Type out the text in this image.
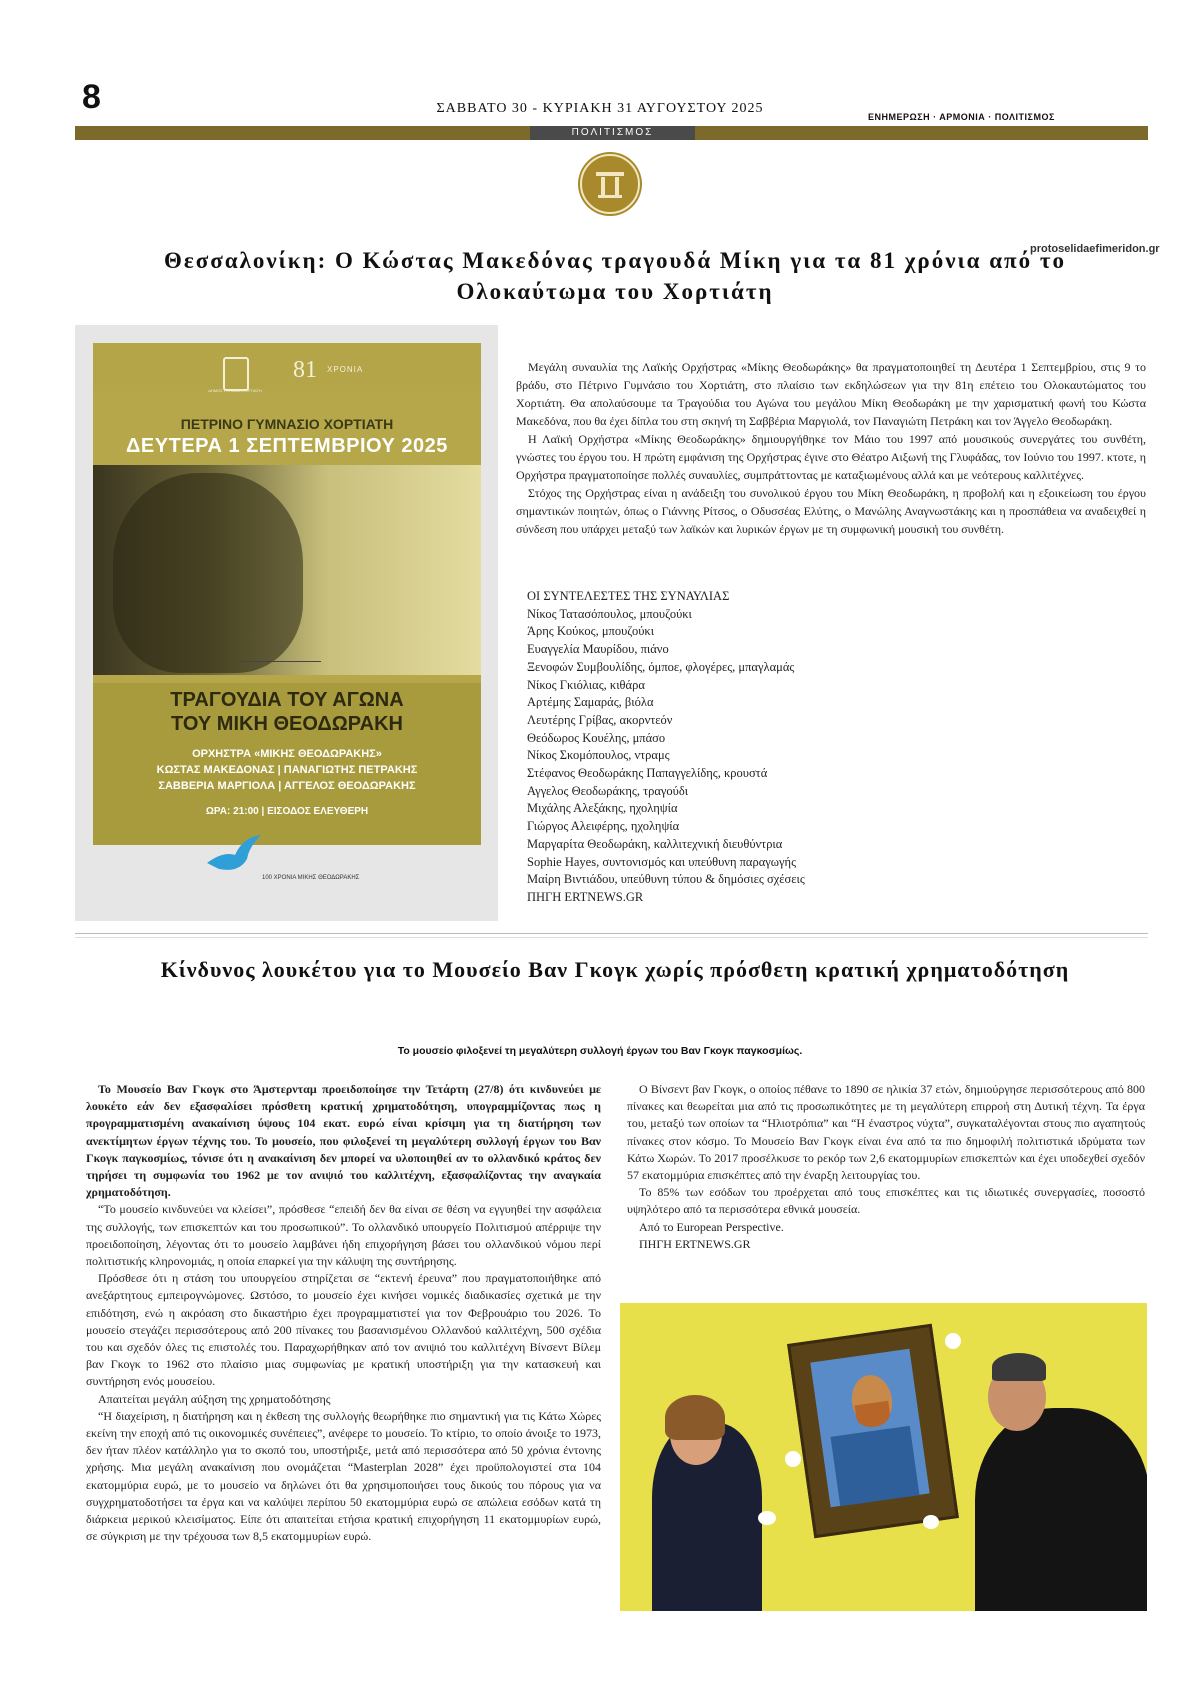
8	ΣΑΒΒΑΤΟ 30 - ΚΥΡΙΑΚΗ 31 ΑΥΓΟΥΣΤΟΥ 2025
ΕΝΗΜΕΡΩΣΗ · ΑΡΜΟΝΙΑ · ΠΟΛΙΤΙΣΜΟΣ
ΠΟΛΙΤΙΣΜΟΣ
protoselidaefimeridon.gr
Θεσσαλονίκη: Ο Κώστας Μακεδόνας τραγουδά Μίκη για τα 81 χρόνια από το Ολοκαύτωμα του Χορτιάτη
ΔΗΜΟΣ ΠΥΛΑΙΑΣ-ΧΟΡΤΙΑΤΗ
81 ΧΡΟΝΙΑ
ΠΕΤΡΙΝΟ ΓΥΜΝΑΣΙΟ ΧΟΡΤΙΑΤΗ
ΔΕΥΤΕΡΑ 1 ΣΕΠΤΕΜΒΡΙΟΥ 2025
ΤΡΑΓΟΥΔΙΑ ΤΟΥ ΑΓΩΝΑ
ΤΟΥ ΜΙΚΗ ΘΕΟΔΩΡΑΚΗ
ΟΡΧΗΣΤΡΑ «ΜΙΚΗΣ ΘΕΟΔΩΡΑΚΗΣ»
ΚΩΣΤΑΣ ΜΑΚΕΔΟΝΑΣ | ΠΑΝΑΓΙΩΤΗΣ ΠΕΤΡΑΚΗΣ
ΣΑΒΒΕΡΙΑ ΜΑΡΓΙΟΛΑ | ΑΓΓΕΛΟΣ ΘΕΟΔΩΡΑΚΗΣ
ΩΡΑ: 21:00 | ΕΙΣΟΔΟΣ ΕΛΕΥΘΕΡΗ
100 ΧΡΟΝΙΑ ΜΙΚΗΣ ΘΕΟΔΩΡΑΚΗΣ

Μεγάλη συναυλία της Λαϊκής Ορχήστρας «Μίκης Θεοδωράκης» θα πραγματοποιηθεί τη Δευτέρα 1 Σεπτεμβρίου, στις 9 το βράδυ, στο Πέτρινο Γυμνάσιο του Χορτιάτη, στο πλαίσιο των εκδηλώσεων για την 81η επέτειο του Ολοκαυτώματος του Χορτιάτη. Θα απολαύσουμε τα Τραγούδια του Αγώνα του μεγάλου Μίκη Θεοδωράκη με την χαρισματική φωνή του Κώστα Μακεδόνα, που θα έχει δίπλα του στη σκηνή τη Σαββέρια Μαργιολά, τον Παναγιώτη Πετράκη και τον Άγγελο Θεοδωράκη.

Η Λαϊκή Ορχήστρα «Μίκης Θεοδωράκης» δημιουργήθηκε τον Μάιο του 1997 από μουσικούς συνεργάτες του συνθέτη, γνώστες του έργου του. Η πρώτη εμφάνιση της Ορχήστρας έγινε στο Θέατρο Αιξωνή της Γλυφάδας, τον Ιούνιο του 1997. κτοτε, η Ορχήστρα πραγματοποίησε πολλές συναυλίες, συμπράττοντας με καταξιωμένους αλλά και με νεότερους καλλιτέχνες.

Στόχος της Ορχήστρας είναι η ανάδειξη του συνολικού έργου του Μίκη Θεοδωράκη, η προβολή και η εξοικείωση του έργου σημαντικών ποιητών, όπως ο Γιάννης Ρίτσος, ο Οδυσσέας Ελύτης, ο Μανώλης Αναγνωστάκης και η προσπάθεια να αναδειχθεί η σύνδεση που υπάρχει μεταξύ των λαϊκών και λυρικών έργων με τη συμφωνική μουσική του συνθέτη.

ΟΙ ΣΥΝΤΕΛΕΣΤΕΣ ΤΗΣ ΣΥΝΑΥΛΙΑΣ
Νίκος Τατασόπουλος, μπουζούκι
Άρης Κούκος, μπουζούκι
Ευαγγελία Μαυρίδου, πιάνο
Ξενοφών Συμβουλίδης, όμποε, φλογέρες, μπαγλαμάς
Νίκος Γκιόλιας, κιθάρα
Αρτέμης Σαμαράς, βιόλα
Λευτέρης Γρίβας, ακορντεόν
Θεόδωρος Κουέλης, μπάσο
Νίκος Σκομόπουλος, ντραμς
Στέφανος Θεοδωράκης Παπαγγελίδης, κρουστά
Αγγελος Θεοδωράκης, τραγούδι
Μιχάλης Αλεξάκης, ηχοληψία
Γιώργος Αλειφέρης, ηχοληψία
Μαργαρίτα Θεοδωράκη, καλλιτεχνική διευθύντρια
Sophie Hayes, συντονισμός και υπεύθυνη παραγωγής
Μαίρη Βιντιάδου, υπεύθυνη τύπου & δημόσιες σχέσεις
ΠΗΓΗ ERTNEWS.GR
Κίνδυνος λουκέτου για το Μουσείο Βαν Γκογκ χωρίς πρόσθετη κρατική χρηματοδότηση
Το μουσείο φιλοξενεί τη μεγαλύτερη συλλογή έργων του Βαν Γκογκ παγκοσμίως.

Το Μουσείο Βαν Γκογκ στο Άμστερνταμ προειδοποίησε την Τετάρτη (27/8) ότι κινδυνεύει με λουκέτο εάν δεν εξασφαλίσει πρόσθετη κρατική χρηματοδότηση, υπογραμμίζοντας πως η προγραμματισμένη ανακαίνιση ύψους 104 εκατ. ευρώ είναι κρίσιμη για τη διατήρηση των ανεκτίμητων έργων τέχνης του. Το μουσείο, που φιλοξενεί τη μεγαλύτερη συλλογή έργων του Βαν Γκογκ παγκοσμίως, τόνισε ότι η ανακαίνιση δεν μπορεί να υλοποιηθεί αν το ολλανδικό κράτος δεν τηρήσει τη συμφωνία του 1962 με τον ανιψιό του καλλιτέχνη, εξασφαλίζοντας την αναγκαία χρηματοδότηση.

“Το μουσείο κινδυνεύει να κλείσει”, πρόσθεσε “επειδή δεν θα είναι σε θέση να εγγυηθεί την ασφάλεια της συλλογής, των επισκεπτών και του προσωπικού”. Το ολλανδικό υπουργείο Πολιτισμού απέρριψε την προειδοποίηση, λέγοντας ότι το μουσείο λαμβάνει ήδη επιχορήγηση βάσει του ολλανδικού νόμου περί πολιτιστικής κληρονομιάς, η οποία επαρκεί για την κάλυψη της συντήρησης.

Πρόσθεσε ότι η στάση του υπουργείου στηρίζεται σε “εκτενή έρευνα” που πραγματοποιήθηκε από ανεξάρτητους εμπειρογνώμονες. Ωστόσο, το μουσείο έχει κινήσει νομικές διαδικασίες σχετικά με την επιδότηση, ενώ η ακρόαση στο δικαστήριο έχει προγραμματιστεί για τον Φεβρουάριο του 2026. Το μουσείο στεγάζει περισσότερους από 200 πίνακες του βασανισμένου Ολλανδού καλλιτέχνη, 500 σχέδια του και σχεδόν όλες τις επιστολές του. Παραχωρήθηκαν από τον ανιψιό του καλλιτέχνη Βίνσεντ Βίλεμ βαν Γκογκ το 1962 στο πλαίσιο μιας συμφωνίας με κρατική υποστήριξη για την κατασκευή και συντήρηση ενός μουσείου.

Απαιτείται μεγάλη αύξηση της χρηματοδότησης

“Η διαχείριση, η διατήρηση και η έκθεση της συλλογής θεωρήθηκε πιο σημαντική για τις Κάτω Χώρες εκείνη την εποχή από τις οικονομικές συνέπειες”, ανέφερε το μουσείο. Το κτίριο, το οποίο άνοιξε το 1973, δεν ήταν πλέον κατάλληλο για το σκοπό του, υποστήριξε, μετά από περισσότερα από 50 χρόνια έντονης χρήσης. Μια μεγάλη ανακαίνιση που ονομάζεται “Masterplan 2028” έχει προϋπολογιστεί στα 104 εκατομμύρια ευρώ, με το μουσείο να δηλώνει ότι θα χρησιμοποιήσει τους δικούς του πόρους για να συγχρηματοδοτήσει τα έργα και να καλύψει περίπου 50 εκατομμύρια ευρώ σε απώλεια εσόδων κατά τη διάρκεια μερικού κλεισίματος. Είπε ότι απαιτείται ετήσια κρατική επιχορήγηση 11 εκατομμυρίων ευρώ, σε σύγκριση με την τρέχουσα των 8,5 εκατομμυρίων ευρώ.

Ο Βίνσεντ βαν Γκογκ, ο οποίος πέθανε το 1890 σε ηλικία 37 ετών, δημιούργησε περισσότερους από 800 πίνακες και θεωρείται μια από τις προσωπικότητες με τη μεγαλύτερη επιρροή στη Δυτική τέχνη. Τα έργα του, μεταξύ των οποίων τα “Ηλιοτρόπια” και “Η έναστρος νύχτα”, συγκαταλέγονται στους πιο αγαπητούς πίνακες στον κόσμο. Το Μουσείο Βαν Γκογκ είναι ένα από τα πιο δημοφιλή πολιτιστικά ιδρύματα των Κάτω Χωρών. Το 2017 προσέλκυσε το ρεκόρ των 2,6 εκατομμυρίων επισκεπτών και έχει υποδεχθεί σχεδόν 57 εκατομμύρια επισκέπτες από την έναρξη λειτουργίας του.

Το 85% των εσόδων του προέρχεται από τους επισκέπτες και τις ιδιωτικές συνεργασίες, ποσοστό υψηλότερο από τα περισσότερα εθνικά μουσεία.

Από το European Perspective.

ΠΗΓΗ ERTNEWS.GR
